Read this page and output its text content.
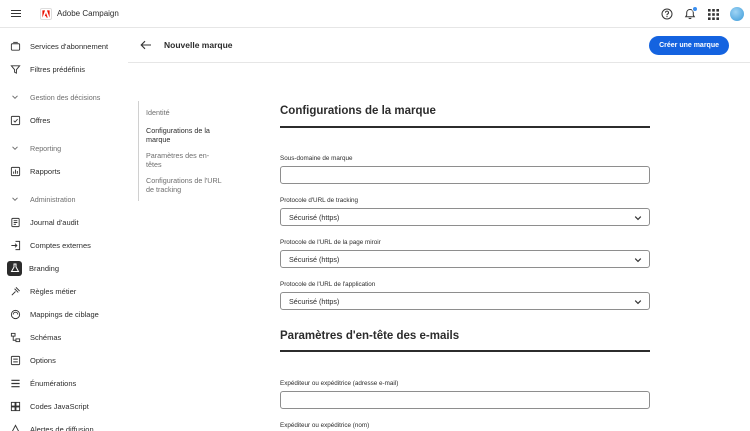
Adobe Campaign
Services d'abonnement
Filtres prédéfinis
Gestion des décisions
Offres
Reporting
Rapports
Administration
Journal d'audit
Comptes externes
Branding
Règles métier
Mappings de ciblage
Schémas
Options
Énumérations
Codes JavaScript
Alertes de diffusion
Nouvelle marque	Créer une marque
Identité
Configurations de la marque
Paramètres des en-têtes
Configurations de l'URL de tracking
Configurations de la marque
Sous-domaine de marque
Protocole d'URL de tracking
Sécurisé (https)
Protocole de l'URL de la page miroir
Sécurisé (https)
Protocole de l'URL de l'application
Sécurisé (https)
Paramètres d'en-tête des e-mails
Expéditeur ou expéditrice (adresse e-mail)
Expéditeur ou expéditrice (nom)
